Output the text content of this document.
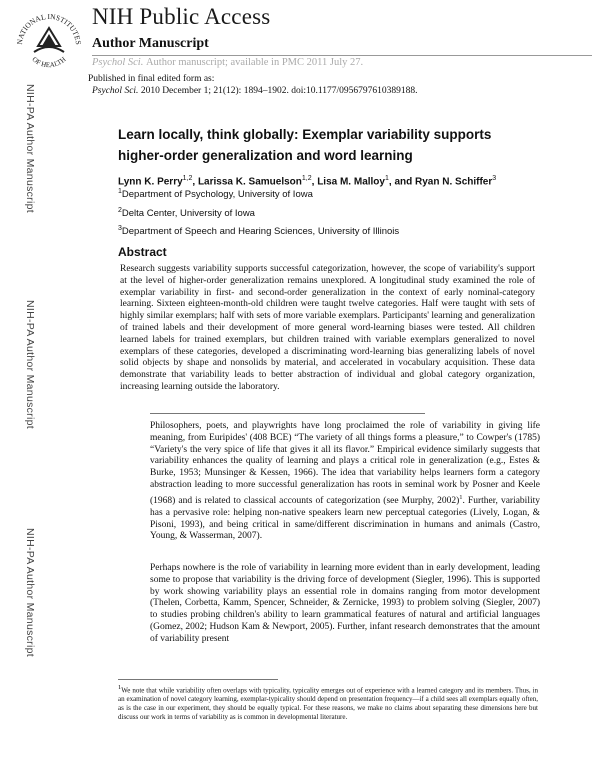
NATIONAL INSTITUTES
OF HEALTH
NIH Public Access
Author Manuscript
Psychol Sci. Author manuscript; available in PMC 2011 July 27.
Published in final edited form as:
Psychol Sci. 2010 December 1; 21(12): 1894–1902. doi:10.1177/0956797610389188.
NIH-PA Author Manuscript
NIH-PA Author Manuscript
NIH-PA Author Manuscript
Learn locally, think globally: Exemplar variability supports higher-order generalization and word learning
Lynn K. Perry$^{1,2}$, Larissa K. Samuelson$^{1,2}$, Lisa M. Malloy$^1$, and Ryan N. Schiffer$^3$
$^1$Department of Psychology, University of Iowa
$^2$Delta Center, University of Iowa
$^3$Department of Speech and Hearing Sciences, University of Illinois
Abstract
Research suggests variability supports successful categorization, however, the scope of variability's support at the level of higher-order generalization remains unexplored. A longitudinal study examined the role of exemplar variability in first- and second-order generalization in the context of early nominal-category learning. Sixteen eighteen-month-old children were taught twelve categories. Half were taught with sets of highly similar exemplars; half with sets of more variable exemplars. Participants' learning and generalization of trained labels and their development of more general word-learning biases were tested. All children learned labels for trained exemplars, but children trained with variable exemplars generalized to novel exemplars of these categories, developed a discriminating word-learning bias generalizing labels of novel solid objects by shape and nonsolids by material, and accelerated in vocabulary acquisition. These data demonstrate that variability leads to better abstraction of individual and global category organization, increasing learning outside the laboratory.
Philosophers, poets, and playwrights have long proclaimed the role of variability in giving life meaning, from Euripides' (408 BCE) “The variety of all things forms a pleasure,” to Cowper's (1785) “Variety's the very spice of life that gives it all its flavor.” Empirical evidence similarly suggests that variability enhances the quality of learning and plays a critical role in generalization (e.g., Estes & Burke, 1953; Munsinger & Kessen, 1966). The idea that variability helps learners form a category abstraction leading to more successful generalization has roots in seminal work by Posner and Keele (1968) and is related to classical accounts of categorization (see Murphy, 2002)$^1$. Further, variability has a pervasive role: helping non-native speakers learn new perceptual categories (Lively, Logan, & Pisoni, 1993), and being critical in same/different discrimination in humans and animals (Castro, Young, & Wasserman, 2007).
Perhaps nowhere is the role of variability in learning more evident than in early development, leading some to propose that variability is the driving force of development (Siegler, 1996). This is supported by work showing variability plays an essential role in domains ranging from motor development (Thelen, Corbetta, Kamm, Spencer, Schneider, & Zernicke, 1993) to problem solving (Siegler, 2007) to studies probing children's ability to learn grammatical features of natural and artificial languages (Gomez, 2002; Hudson Kam & Newport, 2005). Further, infant research demonstrates that the amount of variability present
$^1$We note that while variability often overlaps with typicality, typicality emerges out of experience with a learned category and its members. Thus, in an examination of novel category learning, exemplar-typicality should depend on presentation frequency—if a child sees all exemplars equally often, as is the case in our experiment, they should be equally typical. For these reasons, we make no claims about separating these dimensions here but discuss our work in terms of variability as is common in developmental literature.
